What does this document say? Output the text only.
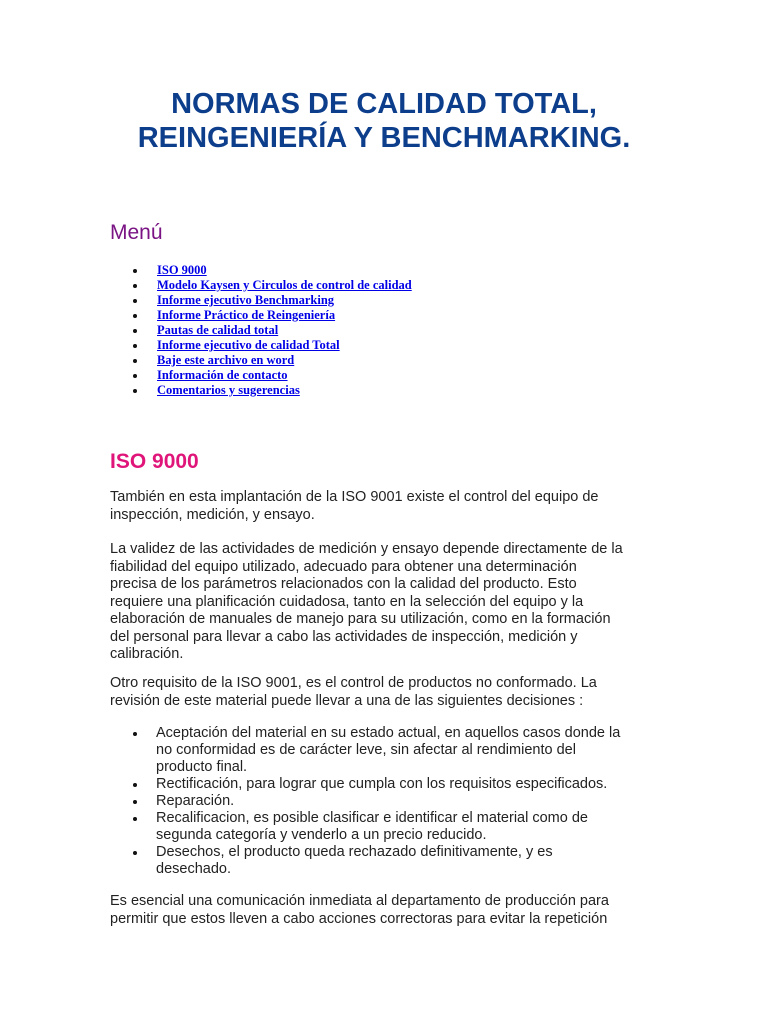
NORMAS DE CALIDAD TOTAL,
REINGENIERÍA Y BENCHMARKING.
Menú
ISO 9000
Modelo Kaysen y Circulos de control de calidad
Informe ejecutivo Benchmarking
Informe Práctico de Reingeniería
Pautas de calidad total
Informe ejecutivo de calidad Total
Baje este archivo en word
Información de contacto
Comentarios y sugerencias
ISO 9000

También en esta implantación de la ISO 9001 existe el control del equipo de
inspección, medición, y ensayo.

La validez de las actividades de medición y ensayo depende directamente de la
fiabilidad del equipo utilizado, adecuado para obtener una determinación
precisa de los parámetros relacionados con la calidad del producto. Esto
requiere una planificación cuidadosa, tanto en la selección del equipo y la
elaboración de manuales de manejo para su utilización, como en la formación
del personal para llevar a cabo las actividades de inspección, medición y
calibración.

Otro requisito de la ISO 9001, es el control de productos no conformado. La
revisión de este material puede llevar a una de las siguientes decisiones :

Aceptación del material en su estado actual, en aquellos casos donde la
no conformidad es de carácter leve, sin afectar al rendimiento del
producto final.
Rectificación, para lograr que cumpla con los requisitos especificados.
Reparación.
Recalificacion, es posible clasificar e identificar el material como de
segunda categoría y venderlo a un precio reducido.
Desechos, el producto queda rechazado definitivamente, y es
desechado.

Es esencial una comunicación inmediata al departamento de producción para
permitir que estos lleven a cabo acciones correctoras para evitar la repetición
